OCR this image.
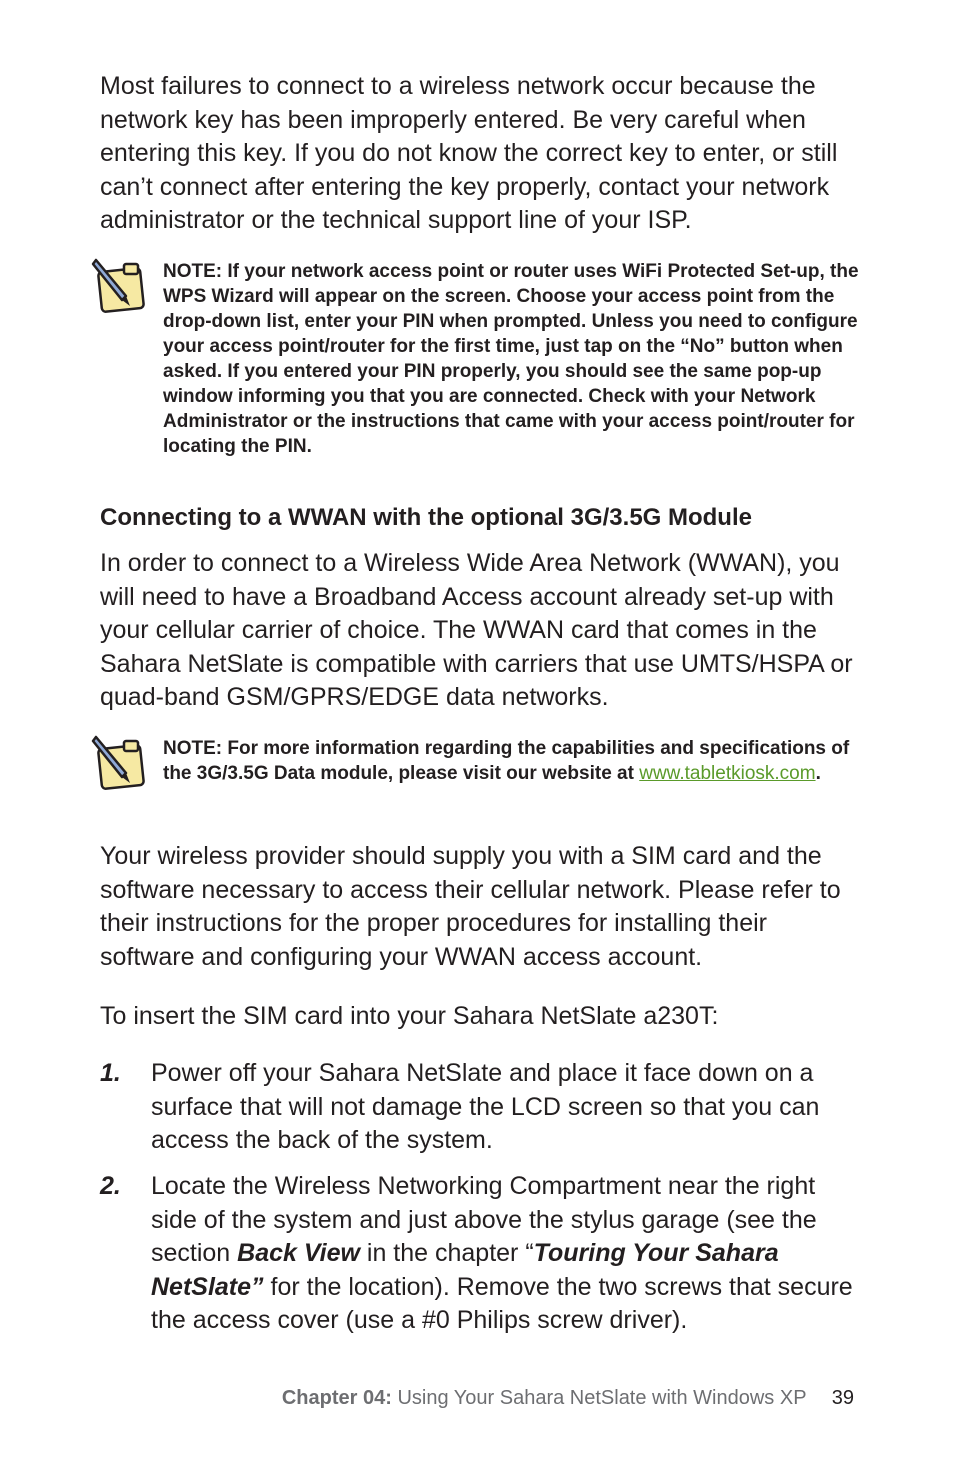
Most failures to connect to a wireless network occur because the network key has been improperly entered. Be very careful when entering this key. If you do not know the correct key to enter, or still can’t connect after entering the key properly, contact your network administrator or the technical support line of your ISP.

NOTE: If your network access point or router uses WiFi Protected Set-up, the WPS Wizard will appear on the screen. Choose your access point from the drop-down list, enter your PIN when prompted. Unless you need to configure your access point/router for the first time, just tap on the “No” button when asked. If you entered your PIN properly, you should see the same pop-up window informing you that you are connected. Check with your Network Administrator or the instructions that came with your access point/router for locating the PIN.

Connecting to a WWAN with the optional 3G/3.5G Module

In order to connect to a Wireless Wide Area Network (WWAN), you will need to have a Broadband Access account already set-up with your cellular carrier of choice. The WWAN card that comes in the Sahara NetSlate is compatible with carriers that use UMTS/HSPA or quad-band GSM/GPRS/EDGE data networks.

NOTE: For more information regarding the capabilities and specifications of the 3G/3.5G Data module, please visit our website at www.tabletkiosk.com.

Your wireless provider should supply you with a SIM card and the software necessary to access their cellular network. Please refer to their instructions for the proper procedures for installing their software and configuring your WWAN access account.

To insert the SIM card into your Sahara NetSlate a230T:

1. Power off your Sahara NetSlate and place it face down on a surface that will not damage the LCD screen so that you can access the back of the system.

2. Locate the Wireless Networking Compartment near the right side of the system and just above the stylus garage (see the section Back View in the chapter “Touring Your Sahara NetSlate” for the location). Remove the two screws that secure the access cover (use a #0 Philips screw driver).

Chapter 04: Using Your Sahara NetSlate with Windows XP 39
